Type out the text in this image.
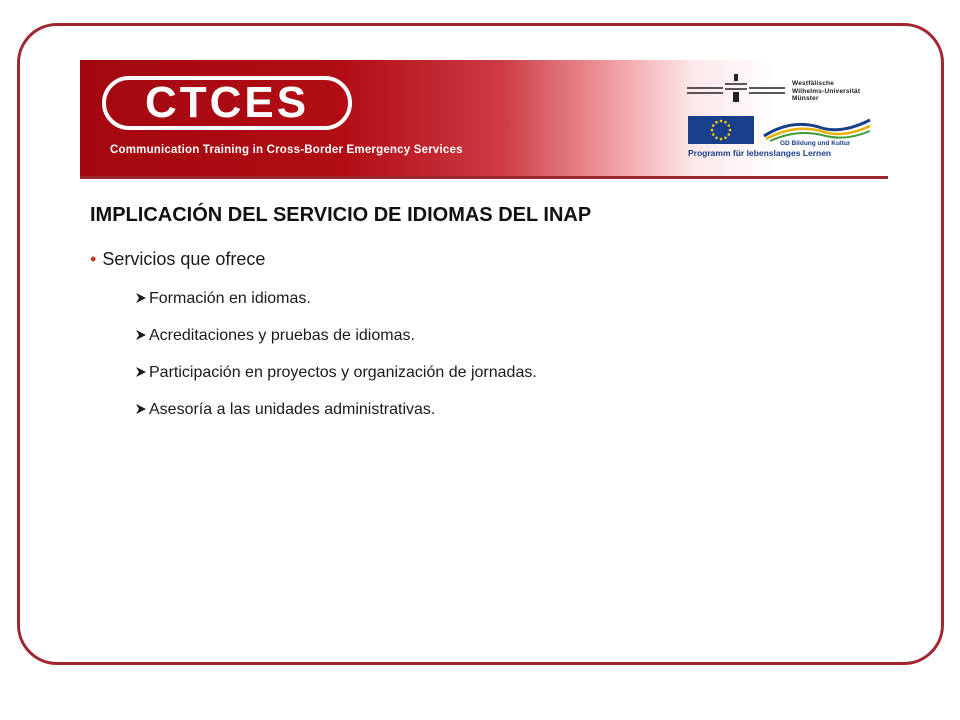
CTCES
Communication Training in Cross-Border Emergency Services
Westfälische
Wilhelms-Universität
Münster
GD Bildung und Kultur
Programm für lebenslanges Lernen
IMPLICACIÓN DEL SERVICIO DE IDIOMAS DEL INAP
• Servicios que ofrece
Formación en idiomas.
Acreditaciones y pruebas de idiomas.
Participación en proyectos y organización de jornadas.
Asesoría a las unidades administrativas.
